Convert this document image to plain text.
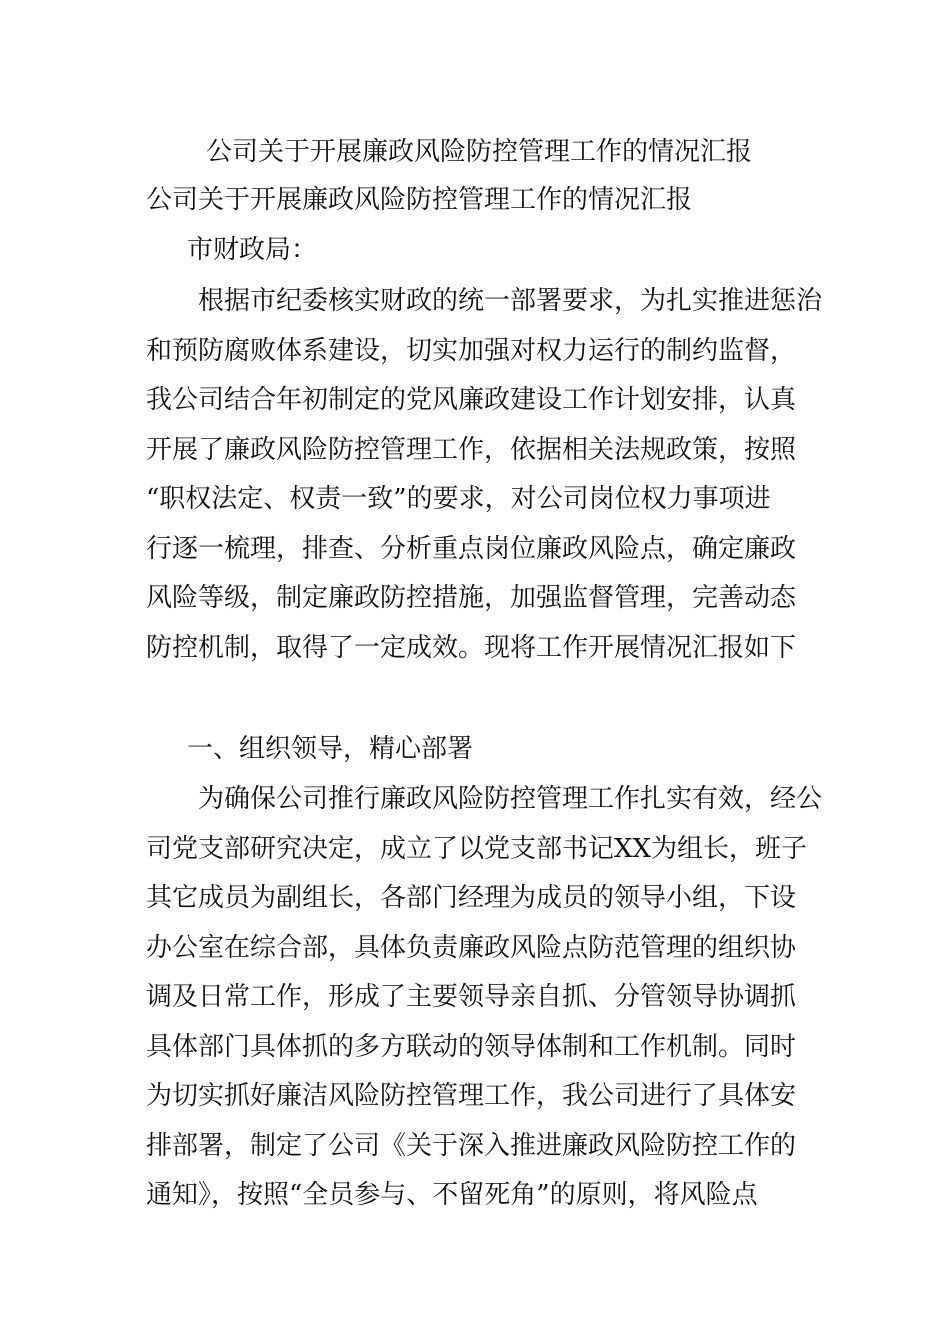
公司关于开展廉政风险防控管理工作的情况汇报
公司关于开展廉政风险防控管理工作的情况汇报

市财政局：

　　根据市纪委核实财政的统一部署要求，为扎实推进惩治
和预防腐败体系建设，切实加强对权力运行的制约监督，
我公司结合年初制定的党风廉政建设工作计划安排，认真
开展了廉政风险防控管理工作，依据相关法规政策，按照
“职权法定、权责一致”的要求，对公司岗位权力事项进
行逐一梳理，排查、分析重点岗位廉政风险点，确定廉政
风险等级，制定廉政防控措施，加强监督管理，完善动态
防控机制，取得了一定成效。现将工作开展情况汇报如下
一、组织领导，精心部署
　　为确保公司推行廉政风险防控管理工作扎实有效，经公
司党支部研究决定，成立了以党支部书记XX为组长，班子
其它成员为副组长，各部门经理为成员的领导小组，下设
办公室在综合部，具体负责廉政风险点防范管理的组织协
调及日常工作，形成了主要领导亲自抓、分管领导协调抓
具体部门具体抓的多方联动的领导体制和工作机制。同时
为切实抓好廉洁风险防控管理工作，我公司进行了具体安
排部署，制定了公司《关于深入推进廉政风险防控工作的
通知》，按照“全员参与、不留死角”的原则，将风险点
